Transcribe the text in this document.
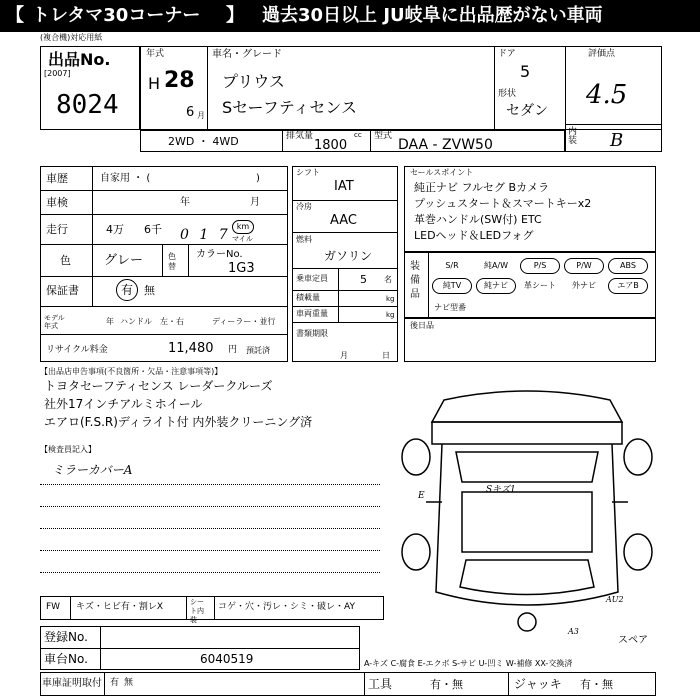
【 トレタマ30コーナー 】 過去30日以上 JU岐阜に出品歴がない車両
(複合機)対応用紙
出品No.
[2007]
8024
年式
H 28
6 月
車名・グレード
プリウス
Sセーフティセンス
ドア
5
形状
セダン
評価点
4.5
内装 B
2WD ・ 4WD	排気量	cc
1800
型式
DAA - ZVW50
車歴	自家用 ・ (	)
車検	年	月
走行	4万 6千 0 1 7
km
マイル
色	グレー	色替
カラーNo.
1G3
保証書	有	無
モデル年式	年 ハンドル 左・右	ディーラー・並行
リサイクル料金	11,480 円 預託済
シフト
IAT
冷房
AAC
燃料
ガソリン
乗車定員	5 名
積載量	kg
車両重量	kg
書類期限
月	日
セールスポイント
純正ナビ フルセグ Bカメラ
プッシュスタート＆スマートキーx2
革巻ハンドル(SW付) ETC
LEDヘッド＆LEDフォグ
装備品
S/R	純A/W	P/S	P/W	ABS
純TV	純ナビ	革シート	外ナビ	エアB
ナビ型番
後日品
【出品店申告事項(不良箇所・欠品・注意事項等)】
トヨタセーフティセンス レーダークルーズ
社外17インチアルミホイール
エアロ(F.S.R)ディライト付 内外装クリーニング済
【検査員記入】
ミラーカバーA
Sキズ1
E
AU2
A3
スペア
FW キズ・ヒビ有・割レX	シート内装
コゲ・穴・汚レ・シミ・破レ・AY
登録No.
車台No.	6040519	A-キズ C-腐食 E-エクボ S-サビ U-凹ミ W-補修 XX-交換済
車庫証明取付 有 無	工具	有・無	ジャッキ 有・無
